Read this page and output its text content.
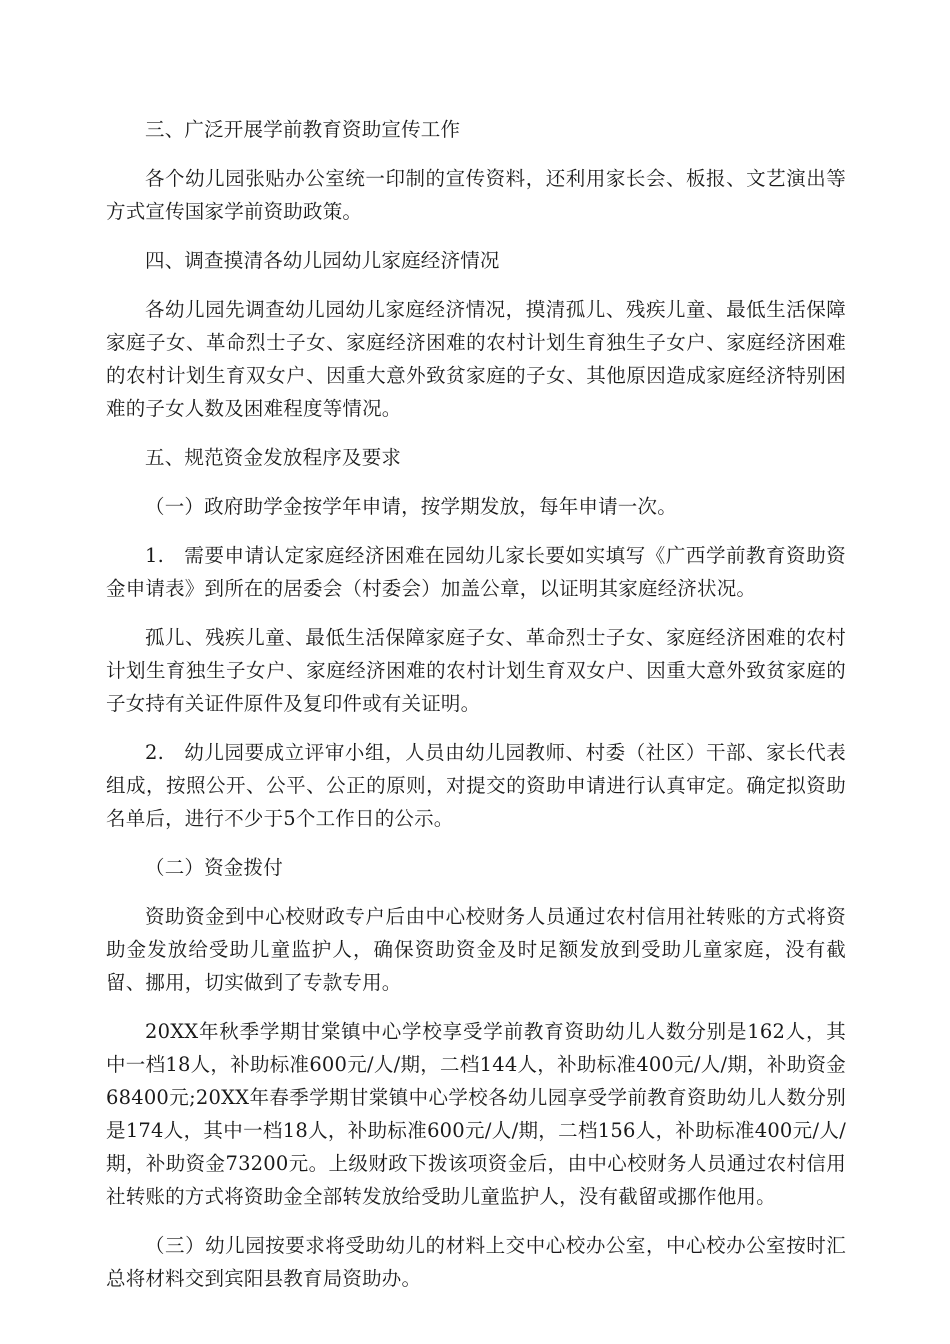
三、广泛开展学前教育资助宣传工作

各个幼儿园张贴办公室统一印制的宣传资料，还利用家长会、板报、文艺演出等方式宣传国家学前资助政策。

四、调查摸清各幼儿园幼儿家庭经济情况

各幼儿园先调查幼儿园幼儿家庭经济情况，摸清孤儿、残疾儿童、最低生活保障家庭子女、革命烈士子女、家庭经济困难的农村计划生育独生子女户、家庭经济困难的农村计划生育双女户、因重大意外致贫家庭的子女、其他原因造成家庭经济特别困难的子女人数及困难程度等情况。

五、规范资金发放程序及要求

（一）政府助学金按学年申请，按学期发放，每年申请一次。

1.　需要申请认定家庭经济困难在园幼儿家长要如实填写《广西学前教育资助资金申请表》到所在的居委会（村委会）加盖公章，以证明其家庭经济状况。

孤儿、残疾儿童、最低生活保障家庭子女、革命烈士子女、家庭经济困难的农村计划生育独生子女户、家庭经济困难的农村计划生育双女户、因重大意外致贫家庭的子女持有关证件原件及复印件或有关证明。

2.　幼儿园要成立评审小组，人员由幼儿园教师、村委（社区）干部、家长代表组成，按照公开、公平、公正的原则，对提交的资助申请进行认真审定。确定拟资助名单后，进行不少于5个工作日的公示。

（二）资金拨付

资助资金到中心校财政专户后由中心校财务人员通过农村信用社转账的方式将资助金发放给受助儿童监护人，确保资助资金及时足额发放到受助儿童家庭，没有截留、挪用，切实做到了专款专用。

20XX年秋季学期甘棠镇中心学校享受学前教育资助幼儿人数分别是162人，其中一档18人，补助标准600元/人/期，二档144人，补助标准400元/人/期，补助资金68400元;20XX年春季学期甘棠镇中心学校各幼儿园享受学前教育资助幼儿人数分别是174人，其中一档18人，补助标准600元/人/期，二档156人，补助标准400元/人/期，补助资金73200元。上级财政下拨该项资金后，由中心校财务人员通过农村信用社转账的方式将资助金全部转发放给受助儿童监护人，没有截留或挪作他用。

（三）幼儿园按要求将受助幼儿的材料上交中心校办公室，中心校办公室按时汇总将材料交到宾阳县教育局资助办。
